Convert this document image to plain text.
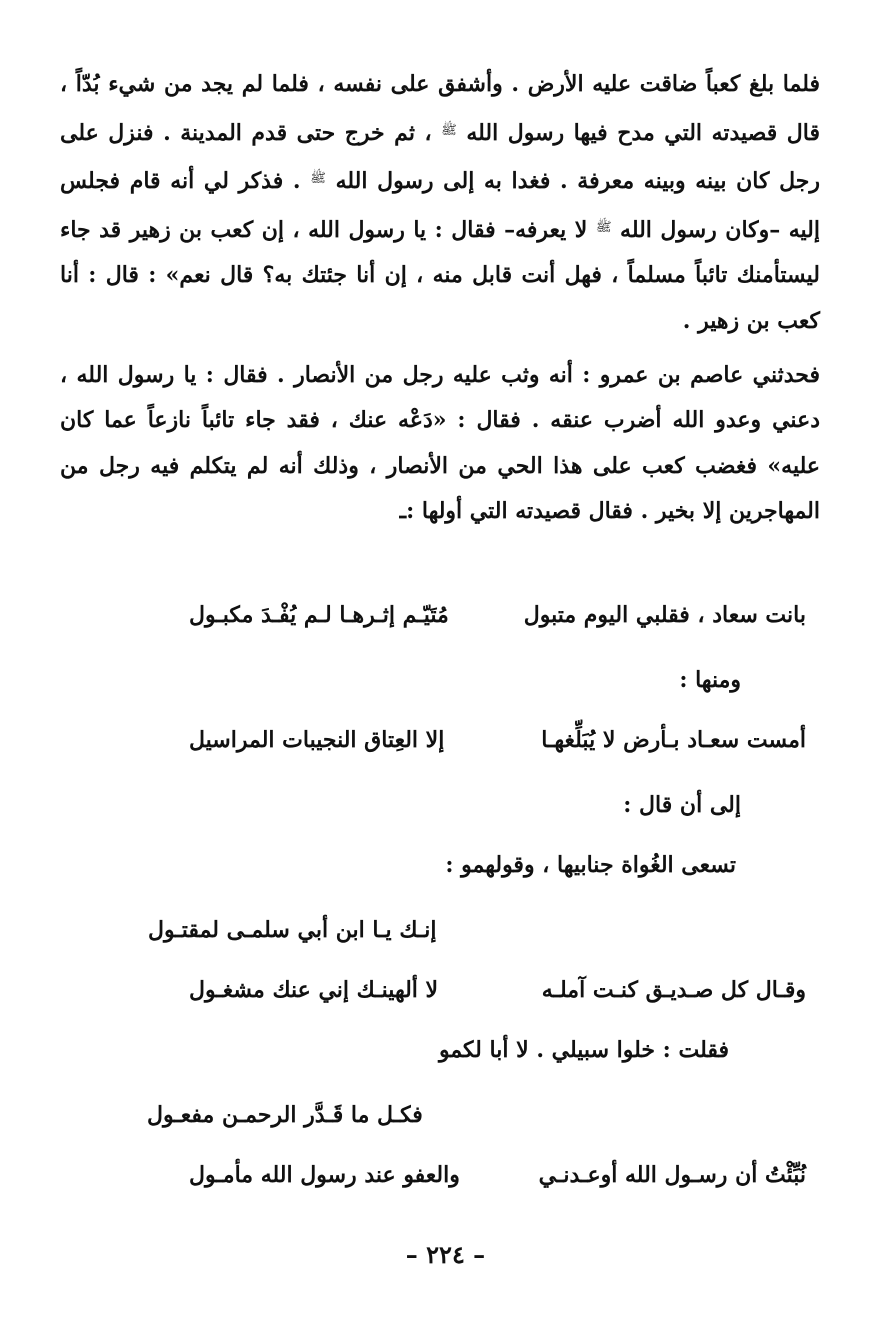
فلما بلغ كعباً ضاقت عليه الأرض . وأشفق على نفسه ، فلما لم يجد من شيء بُدّاً ، قال قصيدته التي مدح فيها رسول الله $^ﷺ$ ، ثم خرج حتى قدم المدينة . فنزل على رجل كان بينه وبينه معرفة . فغدا به إلى رسول الله $^ﷺ$ . فذكر لي أنه قام فجلس إليه –وكان رسول الله $^ﷺ$ لا يعرفه– فقال : يا رسول الله ، إن كعب بن زهير قد جاء ليستأمنك تائباً مسلماً ، فهل أنت قابل منه ، إن أنا جئتك به؟ قال نعم» : قال : أنا كعب بن زهير .

فحدثني عاصم بن عمرو : أنه وثب عليه رجل من الأنصار . فقال : يا رسول الله ، دعني وعدو الله أضرب عنقه . فقال : «دَعْه عنك ، فقد جاء تائباً نازعاً عما كان عليه» فغضب كعب على هذا الحي من الأنصار ، وذلك أنه لم يتكلم فيه رجل من المهاجرين إلا بخير . فقال قصيدته التي أولها :ـ

بانت سعاد ، فقلبي اليوم متبول
مُتَيّـم إثـرهـا لـم يُفْـدَ مكبـول
ومنها :
أمست سعـاد بـأرض لا يُبَلِّغهـا
إلا العِتاق النجيبات المراسيل
إلى أن قال :
تسعى الغُواة جنابيها ، وقولهمو :
إنـك يـا ابن أبي سلمـى لمقتـول
وقـال كل صـديـق كنـت آملـه
لا ألهينـك إني عنك مشغـول
فقلت : خلوا سبيلي . لا أبا لكمو
فكـل ما قَـدَّر الرحمـن مفعـول
نُبِّئْتُ أن رسـول الله أوعـدنـي
والعفو عند رسول الله مأمـول
– ٢٢٤ –
